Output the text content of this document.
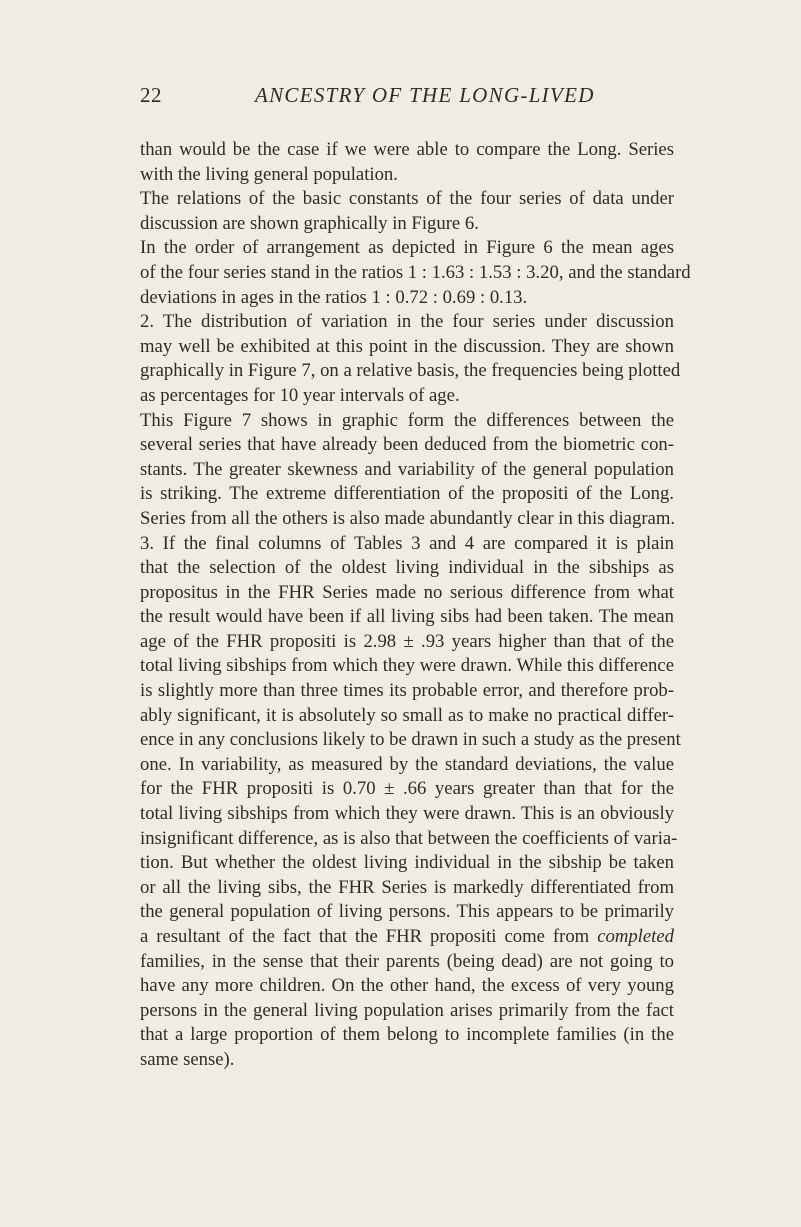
22	ANCESTRY OF THE LONG-LIVED
than would be the case if we were able to compare the Long. Series
with the living general population.
The relations of the basic constants of the four series of data under
discussion are shown graphically in Figure 6.
In the order of arrangement as depicted in Figure 6 the mean ages
of the four series stand in the ratios 1 : 1.63 : 1.53 : 3.20, and the standard
deviations in ages in the ratios 1 : 0.72 : 0.69 : 0.13.
2. The distribution of variation in the four series under discussion
may well be exhibited at this point in the discussion. They are shown
graphically in Figure 7, on a relative basis, the frequencies being plotted
as percentages for 10 year intervals of age.
This Figure 7 shows in graphic form the differences between the
several series that have already been deduced from the biometric con-
stants. The greater skewness and variability of the general population
is striking. The extreme differentiation of the propositi of the Long.
Series from all the others is also made abundantly clear in this diagram.
3. If the final columns of Tables 3 and 4 are compared it is plain
that the selection of the oldest living individual in the sibships as
propositus in the FHR Series made no serious difference from what
the result would have been if all living sibs had been taken. The mean
age of the FHR propositi is 2.98 ± .93 years higher than that of the
total living sibships from which they were drawn. While this difference
is slightly more than three times its probable error, and therefore prob-
ably significant, it is absolutely so small as to make no practical differ-
ence in any conclusions likely to be drawn in such a study as the present
one. In variability, as measured by the standard deviations, the value
for the FHR propositi is 0.70 ± .66 years greater than that for the
total living sibships from which they were drawn. This is an obviously
insignificant difference, as is also that between the coefficients of varia-
tion. But whether the oldest living individual in the sibship be taken
or all the living sibs, the FHR Series is markedly differentiated from
the general population of living persons. This appears to be primarily
a resultant of the fact that the FHR propositi come from completed
families, in the sense that their parents (being dead) are not going to
have any more children. On the other hand, the excess of very young
persons in the general living population arises primarily from the fact
that a large proportion of them belong to incomplete families (in the
same sense).
